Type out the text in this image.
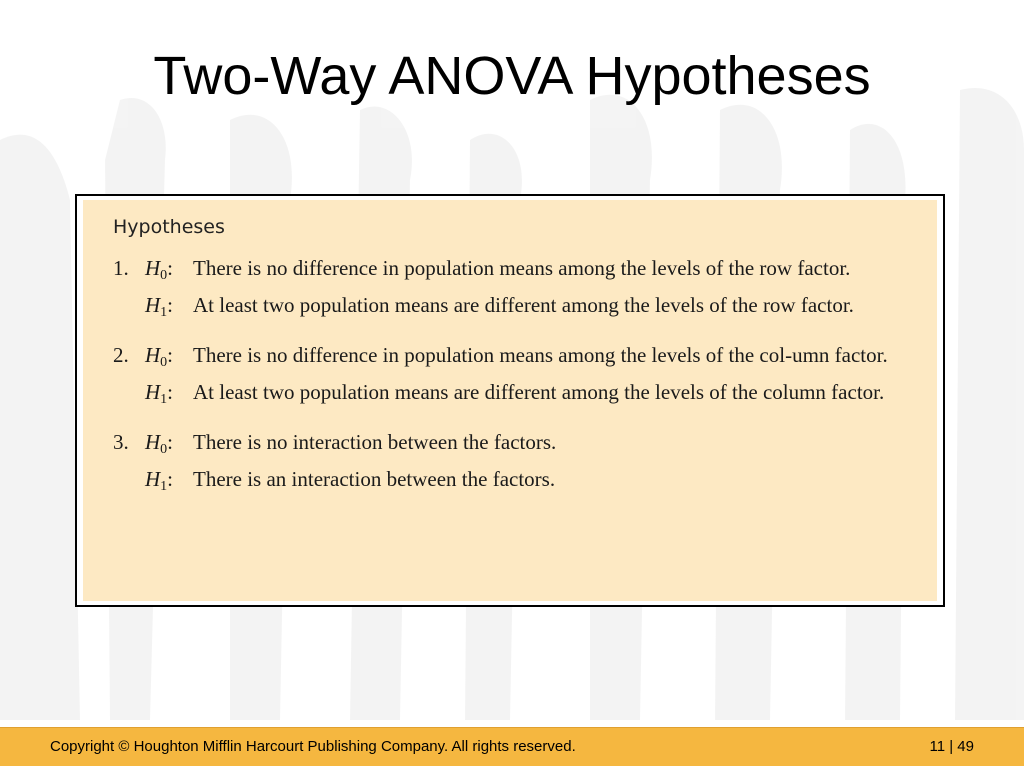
Two-Way ANOVA Hypotheses
Hypotheses
1. $H_0$: There is no difference in population means among the levels of the row factor.
$H_1$: At least two population means are different among the levels of the row factor.
2. $H_0$: There is no difference in population means among the levels of the col-umn factor.
$H_1$: At least two population means are different among the levels of the column factor.
3. $H_0$: There is no interaction between the factors.
$H_1$: There is an interaction between the factors.
Copyright © Houghton Mifflin Harcourt Publishing Company. All rights reserved.	11 | 49
